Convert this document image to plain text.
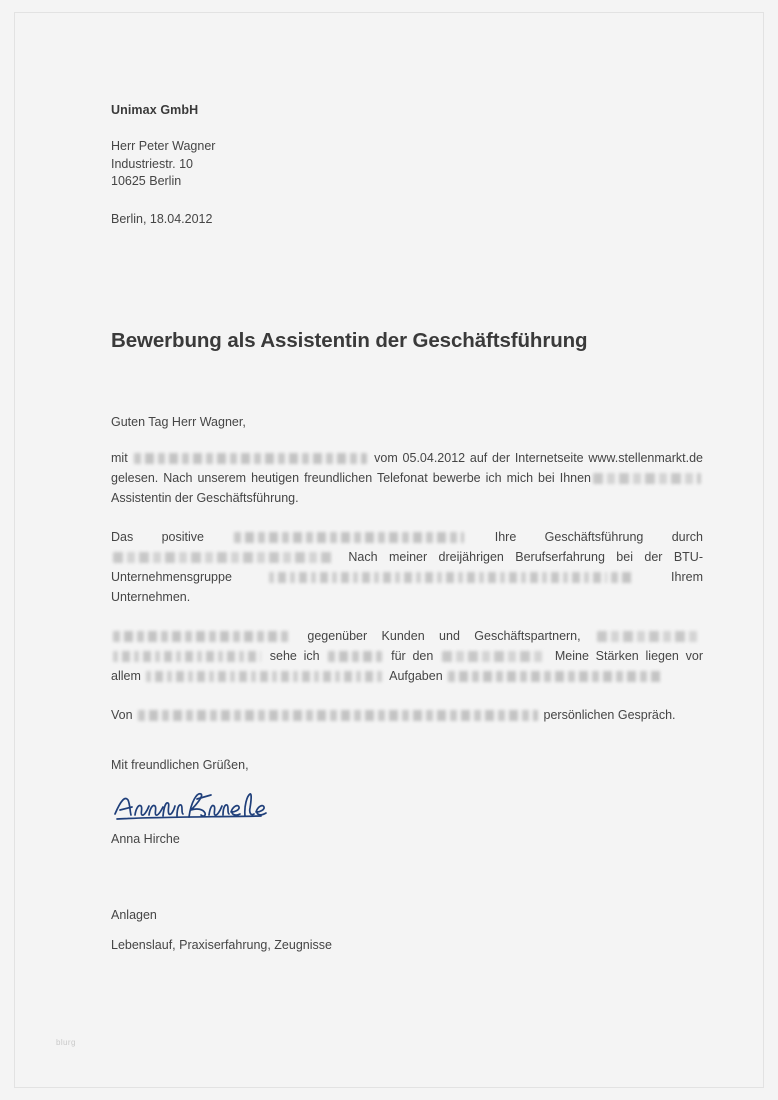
Unimax GmbH
Herr Peter Wagner
Industriestr. 10
10625 Berlin
Berlin, 18.04.2012
Bewerbung als Assistentin der Geschäftsführung
Guten Tag Herr Wagner,
mit	vom 05.04.2012 auf der Internetseite www.stellenmarkt.de gelesen. Nach unserem heutigen freundlichen Telefonat bewerbe ich mich bei Ihnen Assistentin der Geschäftsführung.
Das positive	Ihre Geschäftsführung durch  Nach meiner dreijährigen Berufserfahrung bei der BTU-Unternehmensgruppe	Ihrem Unternehmen.
gegenüber Kunden und Geschäftspartnern,  sehe ich	für den	Meine Stärken liegen vor allem	Aufgaben
Von	persönlichen Gespräch.
Mit freundlichen Grüßen,
Anna Hirche
Anlagen
Lebenslauf, Praxiserfahrung, Zeugnisse
blurg
